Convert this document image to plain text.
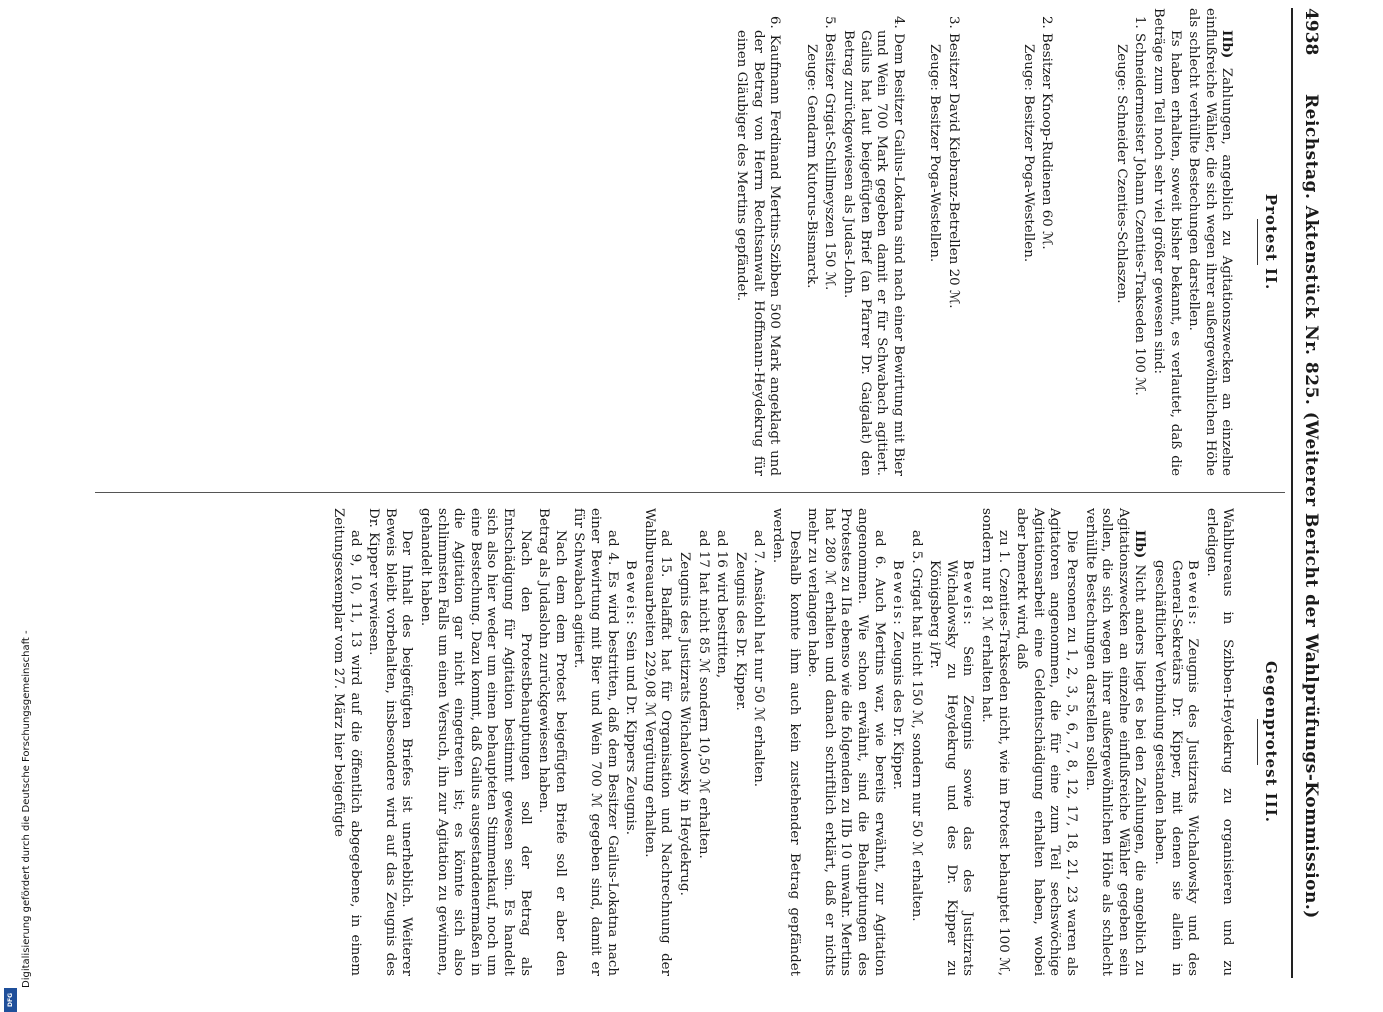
4938
Reichstag. Aktenstück Nr. 825. (Weiterer Bericht der Wahlprüfungs-Kommission.)
Protest II.

IIb) Zahlungen, angeblich zu Agitationszwecken an einzelne einflußreiche Wähler, die sich wegen ihrer außergewöhnlichen Höhe als schlecht verhüllte Bestechungen darstellen.

Es haben erhalten, soweit bisher bekannt, es verlautet, daß die Beträge zum Teil noch sehr viel größer gewesen sind:

1. Schneidermeister Johann Czenties-Trakseden 100 ℳ.
Zeuge: Schneider Czenties-Schlaszen.
2. Besitzer Knoop-Rudienen 60 ℳ.
Zeuge: Besitzer Poga-Westellen.
3. Besitzer David Kiebranz-Betrellen 20 ℳ.
Zeuge: Besitzer Poga-Westellen.
4. Dem Besitzer Gailus-Lokatna sind nach einer Bewirtung mit Bier und Wein 700 Mark gegeben damit er für Schwabach agitiert. Gailus hat laut beigefügten Brief (an Pfarrer Dr. Gaigalat) den Betrag zurückgewiesen als Judas-Lohn.
5. Besitzer Grigat-Schillmeyszen 150 ℳ.
Zeuge: Gendarm Kutorus-Bismarck.
6. Kaufmann Ferdinand Mertins-Szibben 500 Mark angeklagt und der Betrag von Herrn Rechtsanwalt Hoffmann-Heydekrug für einen Gläubiger des Mertins gepfändet.
Gegenprotest III.

Wahlbureaus in Szibben-Heydekrug zu organisieren und zu erledigen.

Beweis: Zeugnis des Justizrats Wichalowsky und des General-Sekretärs Dr. Kipper, mit denen sie allein in geschäftlicher Verbindung gestanden haben.

IIb) Nicht anders liegt es bei den Zahlungen, die angeblich zu Agitationszwecken an einzelne einflußreiche Wähler gegeben sein sollen, die sich wegen ihrer außergewöhnlichen Höhe als schlecht verhüllte Bestechungen darstellen sollen.

Die Personen zu 1, 2, 3, 5, 6, 7, 8, 12, 17, 18, 21, 23 waren als Agitatoren angenommen, die für eine zum Teil sechswöchige Agitationsarbeit eine Geldentschädigung erhalten haben, wobei aber bemerkt wird, daß

zu 1. Czenties-Trakseden nicht, wie im Protest behauptet 100 ℳ, sondern nur 81 ℳ erhalten hat.

Beweis: Sein Zeugnis sowie das des Justizrats Wichalowsky zu Heydekrug und des Dr. Kipper zu Königsberg i/Pr.

ad 5. Grigat hat nicht 150 ℳ, sondern nur 50 ℳ erhalten.

Beweis: Zeugnis des Dr. Kipper.

ad 6. Auch Mertins war, wie bereits erwähnt, zur Agitation angenommen. Wie schon erwähnt, sind die Behauptungen des Protestes zu IIa ebenso wie die folgenden zu IIb 10 unwahr. Mertins hat 280 ℳ erhalten und danach schriftlich erklärt, daß er nichts mehr zu verlangen habe.

Deshalb konnte ihm auch kein zustehender Betrag gepfändet werden.

ad 7. Ansätohl hat nur 50 ℳ erhalten.

Zeugnis des Dr. Kipper.

ad 16 wird bestritten,

ad 17 hat nicht 85 ℳ sondern 10,50 ℳ erhalten.

Zeugnis des Justizrats Wichalowsky in Heydekrug.

ad 15. Balaffat hat für Organisation und Nachrechnung der Wahlbureauarbeiten 229,08 ℳ Vergütung erhalten.

Beweis: Sein und Dr. Kippers Zeugnis.

ad 4. Es wird bestritten, daß dem Besitzer Gailus-Lokatna nach einer Bewirtung mit Bier und Wein 700 ℳ gegeben sind, damit er für Schwabach agitiert.

Nach dem dem Protest beigefügten Briefe soll er aber den Betrag als Judaslohn zurückgewiesen haben.

Nach den Protestbehauptungen soll der Betrag als Entschädigung für Agitation bestimmt gewesen sein. Es handelt sich also hier weder um einen behaupteten Stimmenkauf, noch um eine Bestechung. Dazu kommt, daß Gailus ausgestandenermaßen in die Agitation gar nicht eingetreten ist; es könnte sich also schlimmsten Falls um einen Versuch, ihn zur Agitation zu gewinnen, gehandelt haben.

Der Inhalt des beigefügten Briefes ist unerheblich. Weiterer Beweis bleibt vorbehalten, insbesondere wird auf das Zeugnis des Dr. Kipper verwiesen.

ad 9, 10, 11, 13 wird auf die öffentlich abgegebene, in einem Zeitungsexemplar vom 27. März hier beigefügte

Digitalisierung gefördert durch die Deutsche Forschungsgemeinschaft -
DFG
